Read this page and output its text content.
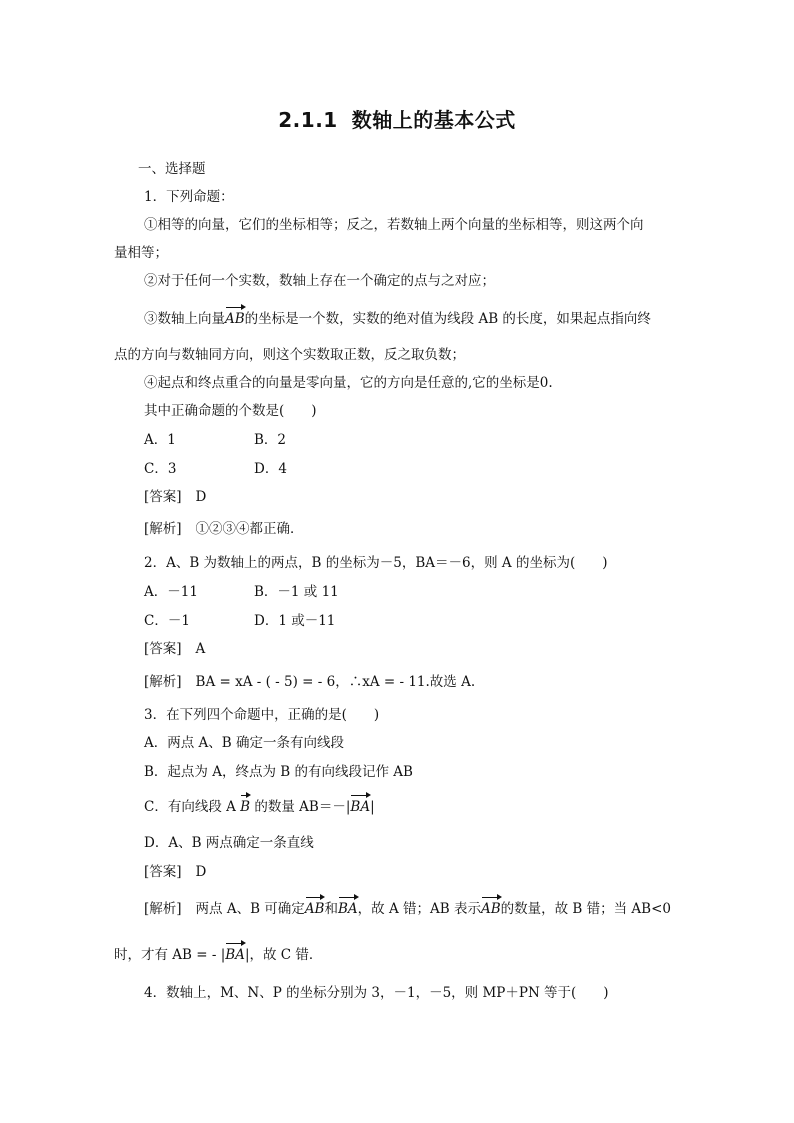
2.1.1 数轴上的基本公式
一、选择题
1．下列命题：
①相等的向量，它们的坐标相等；反之，若数轴上两个向量的坐标相等，则这两个向
量相等；
②对于任何一个实数，数轴上存在一个确定的点与之对应；
③数轴上向量AB的坐标是一个数，实数的绝对值为线段 AB 的长度，如果起点指向终
点的方向与数轴同方向，则这个实数取正数，反之取负数；
④起点和终点重合的向量是零向量，它的方向是任意的,它的坐标是0.
其中正确命题的个数是(　　)
A．1	B．2
C．3	D．4
[答案] D
[解析] ①②③④都正确．
2．A、B 为数轴上的两点，B 的坐标为－5，BA＝－6，则 A 的坐标为(　　)
A．－11	B．－1 或 11
C．－1	D．1 或－11
[答案] A
[解析] BA = xA - ( - 5) = - 6，∴xA = - 11.故选 A.
3．在下列四个命题中，正确的是(　　)
A．两点 A、B 确定一条有向线段
B．起点为 A，终点为 B 的有向线段记作 AB
C．有向线段 A B 的数量 AB＝－|BA|
D．A、B 两点确定一条直线
[答案] D
[解析] 两点 A、B 可确定AB和BA，故 A 错；AB 表示AB的数量，故 B 错；当 AB<0
时，才有 AB = - |BA|，故 C 错．
4．数轴上，M、N、P 的坐标分别为 3，－1，－5，则 MP＋PN 等于(　　)
